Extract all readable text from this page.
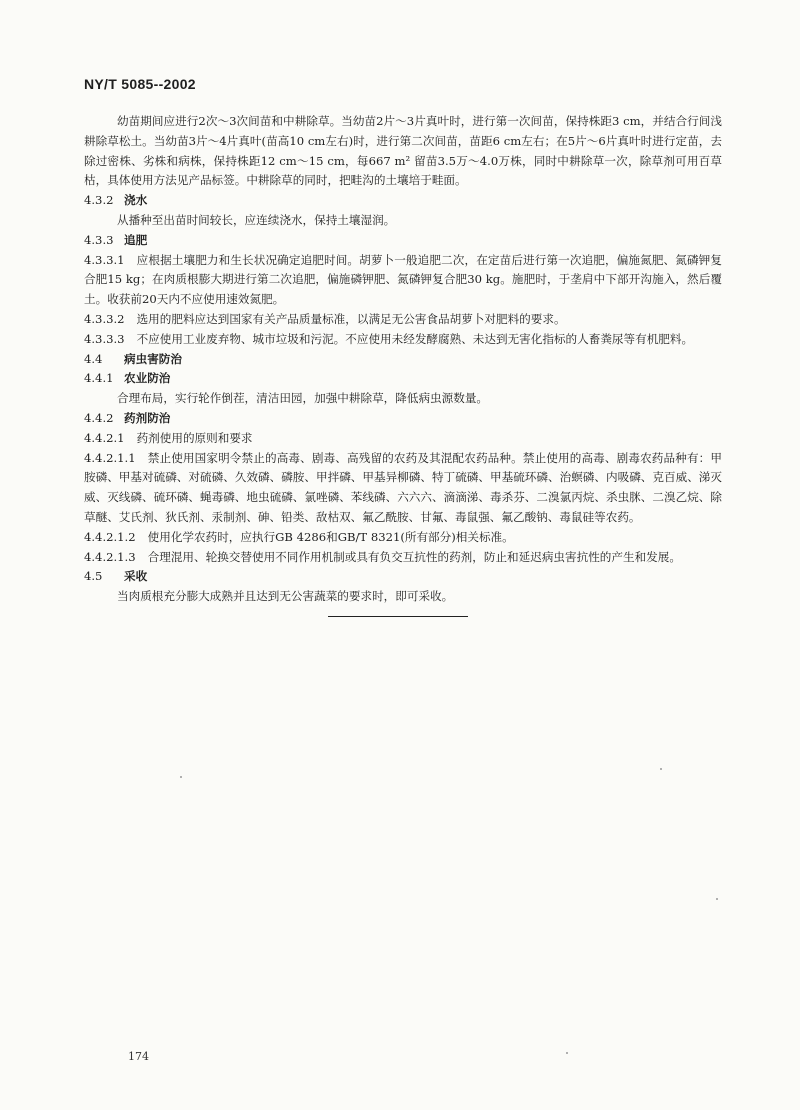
NY/T 5085--2002

幼苗期间应进行2次～3次间苗和中耕除草。当幼苗2片～3片真叶时，进行第一次间苗，保持株距3 cm，并结合行间浅耕除草松土。当幼苗3片～4片真叶(苗高10 cm左右)时，进行第二次间苗，苗距6 cm左右；在5片～6片真叶时进行定苗，去除过密株、劣株和病株，保持株距12 cm～15 cm，每667 m² 留苗3.5万～4.0万株，同时中耕除草一次，除草剂可用百草枯，具体使用方法见产品标签。中耕除草的同时，把畦沟的土壤培于畦面。

4.3.2 浇水

从播种至出苗时间较长，应连续浇水，保持土壤湿润。

4.3.3 追肥

4.3.3.1 应根据土壤肥力和生长状况确定追肥时间。胡萝卜一般追肥二次，在定苗后进行第一次追肥，偏施氮肥、氮磷钾复合肥15 kg；在肉质根膨大期进行第二次追肥，偏施磷钾肥、氮磷钾复合肥30 kg。施肥时，于垄肩中下部开沟施入，然后覆土。收获前20天内不应使用速效氮肥。

4.3.3.2 选用的肥料应达到国家有关产品质量标准，以满足无公害食品胡萝卜对肥料的要求。

4.3.3.3 不应使用工业废弃物、城市垃圾和污泥。不应使用未经发酵腐熟、未达到无害化指标的人畜粪尿等有机肥料。

4.4 病虫害防治

4.4.1 农业防治

合理布局，实行轮作倒茬，清洁田园，加强中耕除草，降低病虫源数量。

4.4.2 药剂防治

4.4.2.1 药剂使用的原则和要求

4.4.2.1.1 禁止使用国家明令禁止的高毒、剧毒、高残留的农药及其混配农药品种。禁止使用的高毒、剧毒农药品种有：甲胺磷、甲基对硫磷、对硫磷、久效磷、磷胺、甲拌磷、甲基异柳磷、特丁硫磷、甲基硫环磷、治螟磷、内吸磷、克百威、涕灭威、灭线磷、硫环磷、蝇毒磷、地虫硫磷、氯唑磷、苯线磷、六六六、滴滴涕、毒杀芬、二溴氯丙烷、杀虫脒、二溴乙烷、除草醚、艾氏剂、狄氏剂、汞制剂、砷、铅类、敌枯双、氟乙酰胺、甘氟、毒鼠强、氟乙酸钠、毒鼠硅等农药。

4.4.2.1.2 使用化学农药时，应执行GB 4286和GB/T 8321(所有部分)相关标准。

4.4.2.1.3 合理混用、轮换交替使用不同作用机制或具有负交互抗性的药剂，防止和延迟病虫害抗性的产生和发展。

4.5 采收

当肉质根充分膨大成熟并且达到无公害蔬菜的要求时，即可采收。

174
